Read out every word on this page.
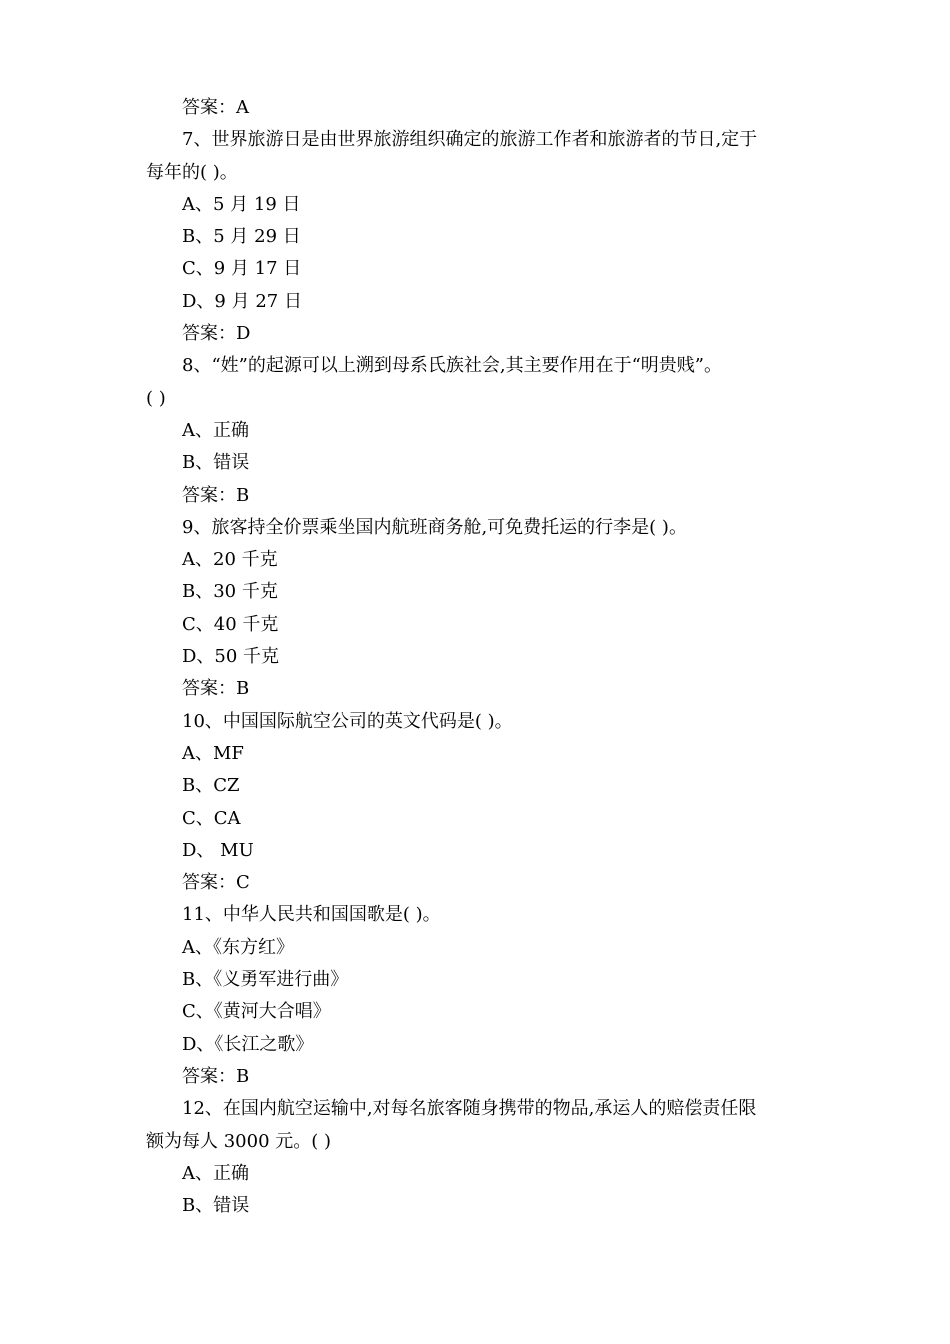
答案：A
7、世界旅游日是由世界旅游组织确定的旅游工作者和旅游者的节日,定于
每年的( )。
A、5 月 19 日
B、5 月 29 日
C、9 月 17 日
D、9 月 27 日
答案：D
8、“姓”的起源可以上溯到母系氏族社会,其主要作用在于“明贵贱”。
( )
A、正确
B、错误
答案：B
9、旅客持全价票乘坐国内航班商务舱,可免费托运的行李是( )。
A、20 千克
B、30 千克
C、40 千克
D、50 千克
答案：B
10、中国国际航空公司的英文代码是( )。
A、MF
B、CZ
C、CA
D、 MU
答案：C
11、中华人民共和国国歌是( )。
A、《东方红》
B、《义勇军进行曲》
C、《黄河大合唱》
D、《长江之歌》
答案：B
12、在国内航空运输中,对每名旅客随身携带的物品,承运人的赔偿责任限
额为每人 3000 元。( )
A、正确
B、错误
